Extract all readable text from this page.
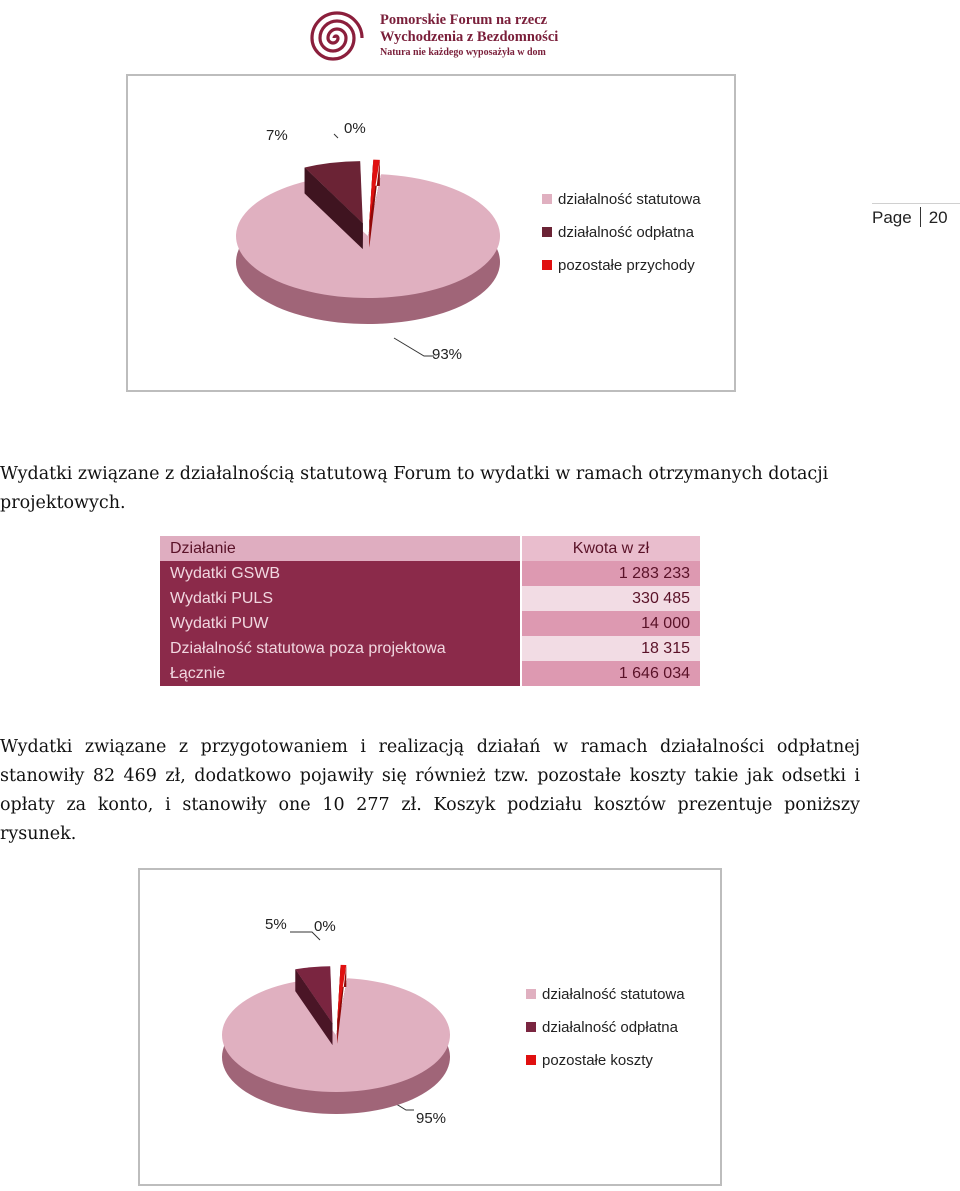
Pomorskie Forum na rzecz
Wychodzenia z Bezdomności
Natura nie każdego wyposażyła w dom
Page 20
7%	0%
93%
działalność statutowa
działalność odpłatna
pozostałe przychody
Wydatki związane z działalnością statutową Forum to wydatki w ramach otrzymanych dotacji projektowych.
Działanie	Kwota w zł
Wydatki GSWB	1 283 233
Wydatki PULS	330 485
Wydatki PUW	14 000
Działalność statutowa poza projektowa	18 315
Łącznie	1 646 034
Wydatki związane z przygotowaniem i realizacją działań w ramach działalności odpłatnej stanowiły 82 469 zł, dodatkowo pojawiły się również tzw. pozostałe koszty takie jak odsetki i opłaty za konto, i stanowiły one 10 277 zł. Koszyk podziału kosztów prezentuje poniższy rysunek.
5% 0%
95%
działalność statutowa
działalność odpłatna
pozostałe koszty
